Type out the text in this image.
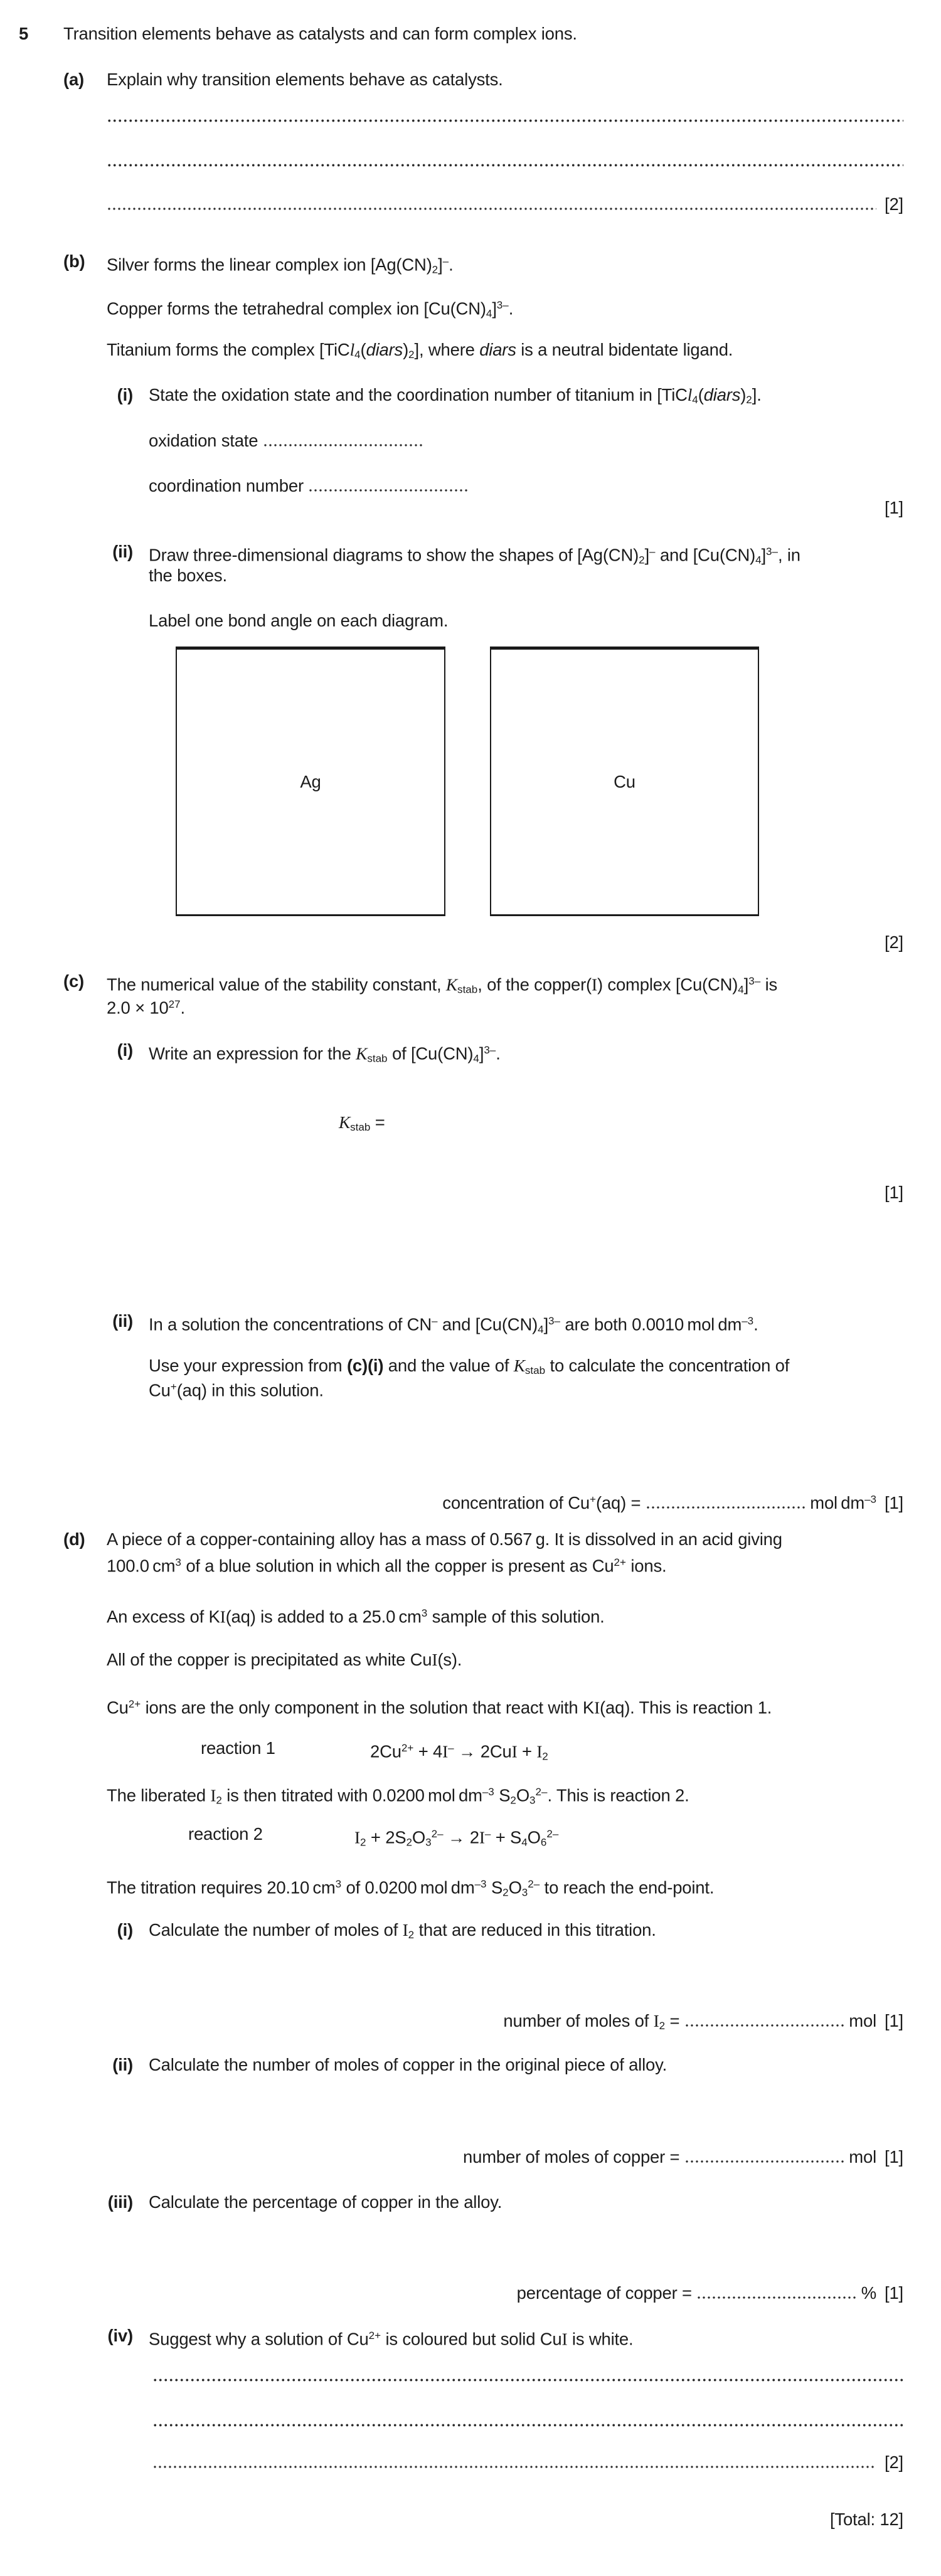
5 Transition elements behave as catalysts and can form complex ions.
(a) Explain why transition elements behave as catalysts.
[2]
(b) Silver forms the linear complex ion [Ag(CN)2]–.
Copper forms the tetrahedral complex ion $[Cu(CN)4]^{3-}$.
Titanium forms the complex [TiCl4(diars)2], where diars is a neutral bidentate ligand.
(i) State the oxidation state and the coordination number of titanium in [TiCl4(diars)2].
oxidation state
coordination number
[1]
(ii) Draw three-dimensional diagrams to show the shapes of [Ag(CN)2]– and $[Cu(CN)4]^{3-}$, in
the boxes.
Label one bond angle on each diagram.
Ag	Cu
[2]
(c) The numerical value of the stability constant, Kstab, of the copper(I) complex $[Cu(CN)4]^{3-}$ is
$2.0 \times 10^{27}$.
(i) Write an expression for the Kstab of $[Cu(CN)4]^{3-}$.
Kstab =
[1]
(ii) In a solution the concentrations of CN– and $[Cu(CN)4]^{3-}$ are both 0.0010 mol $dm^{-3}$.
Use your expression from (c)(i) and the value of Kstab to calculate the concentration of
Cu+(aq) in this solution.
concentration of Cu+(aq) =	mol $dm^{-3}$ [1]
(d) A piece of a copper-containing alloy has a mass of 0.567 g. It is dissolved in an acid giving
100.0 $cm^3$ of a blue solution in which all the copper is present as $Cu^{2+}$ ions.
An excess of KI(aq) is added to a 25.0 $cm^3$ sample of this solution.
All of the copper is precipitated as white CuI(s).
$Cu^{2+}$ ions are the only component in the solution that react with KI(aq). This is reaction 1.
reaction 1	$2Cu^{2+} + 4I^- \to 2CuI + I2$
The liberated I2 is then titrated with 0.0200 mol $dm^{-3}$ $S2O3^{2-}$. This is reaction 2.
reaction 2	$I2 + 2S2O3^{2-} \to 2I^- + S4O6^{2-}$
The titration requires 20.10 $cm^3$ of 0.0200 mol $dm^{-3}$ $S2O3^{2-}$ to reach the end-point.
(i) Calculate the number of moles of I2 that are reduced in this titration.
number of moles of I2 =	mol [1]
(ii) Calculate the number of moles of copper in the original piece of alloy.
number of moles of copper =	mol [1]
(iii) Calculate the percentage of copper in the alloy.
percentage of copper =	% [1]
(iv) Suggest why a solution of $Cu^{2+}$ is coloured but solid CuI is white.
[2]
[Total: 12]
